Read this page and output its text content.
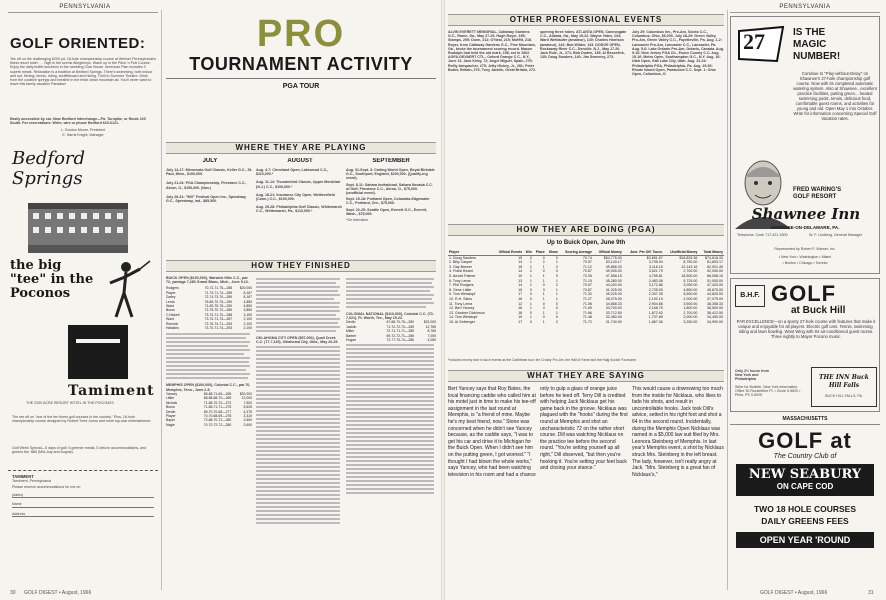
PENNSYLVANIA
GOLF ORIENTED:
Tee off on the challenging 6200-yd. 18-hole championship course at Weimer Pennsylvania's finest resort hotel . . . high in the scenic Alleghenys. Warm up in the Pitch 'n Putt Course. Enjoy the daily buffet luncheon in the rambling Club House. American Plan includes 3 superb meals. Relaxation is a tradition at Bedford Springs. There's swimming, both indoor and out, fishing, tennis, riding, shuffleboard and hiking. Thrill to Summer Theatre. Drink from the curative springs and breathe in the fresh clean mountain air. You'll never want to leave this family vacation Paradise!
Easily accessible by car. Near Bedford interchange—Pa. Turnpike, or Route 220 South. For reservations: Write, wire or phone Bedford 623-6121.
L. Gordon Moore, President
E. Harris Knight, Manager
Bedford Springs
the big "tee" in the Poconos
Tamiment
THE 2200 ACRE RESORT HOTEL IN THE POCONOS
The tee off on "one of the ten finest golf courses in the country." Plus, 18-hole championship course designed by Robert Trent Jones and more top-star entertainment.
Golf Week Special—5 days of golf, 6 greener meals, 5 deluxe accommodations, and greens fee. $85 (Mid-July and August).
TAMIMENT
Tamiment, Pennsylvania
Please reserve accommodations for me on
(dates)
Name
Address
PRO
TOURNAMENT ACTIVITY
PGA TOUR
WHERE THEY ARE PLAYING
JULY
July 14-17: Minnesota Golf Classic, Keller G.C., St. Paul, Minn., $100,000.
July 21-24: PGA Championship, Firestone C.C., Akron, O., $150,000. (Nov.)
July 28-31: "500" Festival Open Inv., Speedway G.C., Speedway, Ind., $85,500.
AUGUST
Aug. 4-7: Cleveland Open, Lakewood C.C., $110,000.*
Aug. 11-14: Thunderbird Classic, Upper Montclair (N.J.) C.C., $100,000.*
Aug. 18-21: Insurance City Open, Wethersfield (Conn.) C.C., $100,000.
Aug. 25-28: Philadelphia Golf Classic, Whitemarsh C.C., Whitemarsh, Pa., $110,000.*
SEPTEMBER
Aug. 31-Sept. 3: Carling World Open, Royal Birkdale G.C., Southport, England, $200,000. (Qualify-ing event).
Sept. 8-11: Sahara Invitational, Sahara Nevada C.C. of Golf, Firestone C.C., Akron, O., $75,000. (unofficial event).
Sept. 15-18: Portland Open, Columbia-Edgewater C.C., Portland, Ore., $75,000.
Sept. 22-25: Seattle Open, Everett G.C., Everett, Wash., $75,000.
*On television.
HOW THEY FINISHED
BUICK OPEN ($100,000), Warwick Hills C.C., par 72, yardage 7,280 Grand Blanc, Mich., June 9-12.
Rodgers	70-72-71-75—288	$20,000
Player	71-73-71-74—289	8,167
Zarley	72-74-73-70—289	8,167
Lema	76-69-70-75—290	4,850
Ward	71-69-75-75—290	4,850
Boros	72-75-70-72—289	3,850
C.Nickell	73-74-71-70—288	3,150
Ward	73-70-71-73—287	2,100
Rennick	72-76-74-71—293	2,100
Hawkins	73-70-71-74—293	2,100
MEMPHIS OPEN ($100,000), Colonial C.C., par 70, Memphis, Tenn., June 2-5.
Yancey	65-68-71-69—265	$20,000
Littler	68-68-68-70—269	12,000
Nichols	71-68-70-70—272	7,500
Boros	71-65-71-71—275	5,625
Devlin	69-70-70-68—277	4,375
Player	70-70-68-69—278	3,310
Bayer	72-68-70-72—280	2,600
Nagle	70-70-72-72—280	2,600
OKLAHOMA CITY OPEN ($57,000), Quail Creek C.C. (77-7,115), Oklahoma City, Okla., May 26-29.
COLONIAL NATIONAL ($110,000), Colonial C.C. (70-7,021), Ft. Worth, Tex., May 19-22.
Devlin	67-68-70-75—280	$22,000
Jacklin	71-72-72-70—285	12,765
Miller	72-71-71-71—285	8,765
Barber	69-72-72-71—286	7,000
Hogan	72-77-70-74—286	4,050
30 GOLF DIGEST • August, 1966
OTHER PROFESSIONAL EVENTS
ALVIN EVERETT MEMORIAL, Callaway Gardens G.C., Rome, Ga., May 27-29. Hugh Royer, 195; Stamps, 209; Dunn, 212; O'Neal, 215; Moffitt, 218. Royer, from Callaway Gardens G.C., Pine Mountain, Ga., broke the tournament scoring record. Mason Rudolph had held the old mark, 198, set in 1962. AGFA-GEVAERT CTL., Oxford Orange C.C., N.Y., June 13. Jack Kirby, 72; Angel Miguel, Spain, 275; Reilly Amspacher, 275; Jetty Hickey, Jr., 281; Peter Butler, Britain, 279; Tony Jacklin, Great Britain, 272.
opening three holes. ATLANTA OPEN, Cannongate C.C., Atlanta, Ga., May 19-22. Wayne Yates, 134; Ward Wettlaufer (amateur), 140; Charles Harrison (amateur), 142; Bob Wilder, 143. DODGE OPEN, Rockaway River C.C., Denville, N.J., May 17-20. Jack Rule, Jr., 271; Bob Duden, 135; Al Besselink, 135; Doug Sanders, 140; Jim Sweeney, 273.
July 29: Columbus Inv., Pro-Am, Scioto C.C., Columbus, Ohio, $6,000. July 28-29: Green Valley Pro-Am, Green Valley C.C., Fayetteville, Pa. Aug. 1-2: Lancaster Pro-Am, Lancaster C.C., Lancaster, Pa. Aug. 5-6: Lake Ontario Pro-Am, Ontario, Canada. Aug. 9-10: New Jersey PGA Ch., Essex County C.C. Aug. 15-16: Metro Open, Southampton G.C., N.Y. Aug. 16: Utah Open, Salt Lake City, Utah. Aug. 23-24: Philadelphia PGA, Philadelphia, Pa. Aug. 29-30: Rhode Island Open, Pawtucket C.C. Sept. 1: Ohio Open, Columbus, O.
HOW THEY ARE DOING (PGA)
Up to Buick Open, June 9th
Player	Official Events	Win	Place	Show	Scoring Average	Official Money	Aver. Per Off. Tourn.	Unofficial Money	Total Money
1. Doug Sanders	15	2	0	0	70.74	$54,775.00	$3,651.67	$18,833.36	$74,618.33
2. Billy Casper	14	1	2	1	70.57	53,143.17	3,795.94	8,750.00	61,893.17
3. Gay Brewer	16	1	1	2	71.12	49,858.33	3,116.15	12,143.16	62,001.49
4. Frank Beard	14	2	0	0	70.87	49,305.00	3,521.79	2,700.00	52,005.00
5. Arnold Palmer	10	1	1	0	70.35	47,558.15	4,755.81	18,500.00	66,058.15
6. Tony Lema	13	1	1	1	71.15	45,280.00	3,483.08	5,725.00	51,005.00
7. Phil Rodgers	14	1	0	2	70.97	44,420.00	3,172.86	3,000.00	47,420.00
8. Gene Littler	15	0	3	1	70.87	41,025.00	2,735.00	4,850.00	45,875.00
9. Tom Weiskopf	17	0	1	1	71.32	39,225.00	2,307.35	5,600.00	44,825.00
10. R.H. Sikes	16	0	1	1	71.27	35,075.00	2,192.19	2,000.00	37,075.00
11. Tony Lema	12	1	0	0	71.06	34,858.33	2,904.86	3,500.00	38,358.33
12. Bert Yancey	16	1	0	0	71.69	34,700.00	2,168.75	1,800.00	36,500.00
13. Gardner Dickinson	18	0	1	1	71.66	33,712.50	1,872.92	2,700.00	36,412.50
14. Tom Weiskopf	19	1	0	0	71.48	32,450.00	1,707.89	2,000.00	34,450.00
15. Al Geiberger	17	0	1	2	71.72	31,740.00	1,867.06	3,250.00	34,990.00
*Includes money won in such events as the Caribbean tour, the Crosby Pro-Am, the Hall of Fame and the Haig Scotch Foursome.
WHAT THEY ARE SAYING
Bert Yancey says that Roy Bates, the local financing caddie who called him at his motel just in time to make his tee-off assignment in the last round at Memphis, is "a friend of mine. Maybe he's my best friend, now." Stone was concerned when he didn't see Yancey because, as the caddie says, "I was to get his car and drive it to Michigan for the Buick Open. When I didn't see him on the putting green, I got worried." "I thought I had blown the whole works," says Yancey, who had been watching television in his room and had a chance
only to gulp a glass of orange juice before he teed off. Terry Dill is credited with helping Jack Nicklaus get his game back in the groove. Nicklaus was plagued with the "hooks" during the first round at Memphis and shot an uncharacteristic 72 on the rather short course. Dill was watching Nicklaus on the practice tee before the second round. "You're setting yourself up all right," Dill observed, "but then you're hooking it. You're setting your feet back and closing your stance."
This would cause a downswing too much from the inside for Nicklaus, who likes to fade his shots, and result in uncontrollable hooks. Jack took Dill's advice, setted in his right foot and shot a 64 in the second round. Incidentally, during the Memphis Open Nicklaus was named in a $5,000 law suit filed by Mrs. Leonora Steinberg of Memphis. In last year's Memphis event, a shot by Nicklaus struck Mrs. Steinberg in the left breast. The lady, however, isn't really angry at Jack. "Mrs. Steinberg is a great fan of Nicklaus's,"
GOLF DIGEST • August, 1966	31
PENNSYLVANIA
27	IS THE
MAGIC
NUMBER!
Continue to "Play-without-Delay" on Shawnee's 27-hole championship golf course. Now with its completed automatic watering system. Also at Shawnee...excellent practice facilities, putting green... heated swimming pools, tennis, delicious food, comfortable guest rooms, and activities for young and old. Open May 1 into October. Write for information concerning Special Golf Vacation rates.
FRED WARING'S
GOLF RESORT
Shawnee Inn
SHAWNEE-ON-DELAWARE, PA.
Telephone: Code 717-421-1500	W. F. Lindberg, General Manager
Represented by Robert F. Warner, Inc.
• New York • Washington • Miami
• Boston • Chicago • Toronto
B.H.F. GOLF
at Buck Hill
PAR EXCELLENCE—on a sporty 27-hole course with features that make it unique and enjoyable for all players. Electric golf cars. Tennis, swimming, riding and lawn bowling. Want Wing with 84 air-conditioned guest rooms. Three nightly to Mayor Pocono music.
Only 2½ hours from New York and Philadelphia
Write for Bulletin, New York information. Office 30 Rockefeller Pl. • Circle 5-5620 • Phila. PS 3-5925
THE INN Buck Hill Falls
BUCK HILL FALLS, PA.
MASSACHUSETTS
GOLF at
The Country Club of
NEW SEABURY
ON CAPE COD
TWO 18 HOLE COURSES
DAILY GREENS FEES
OPEN YEAR 'ROUND
